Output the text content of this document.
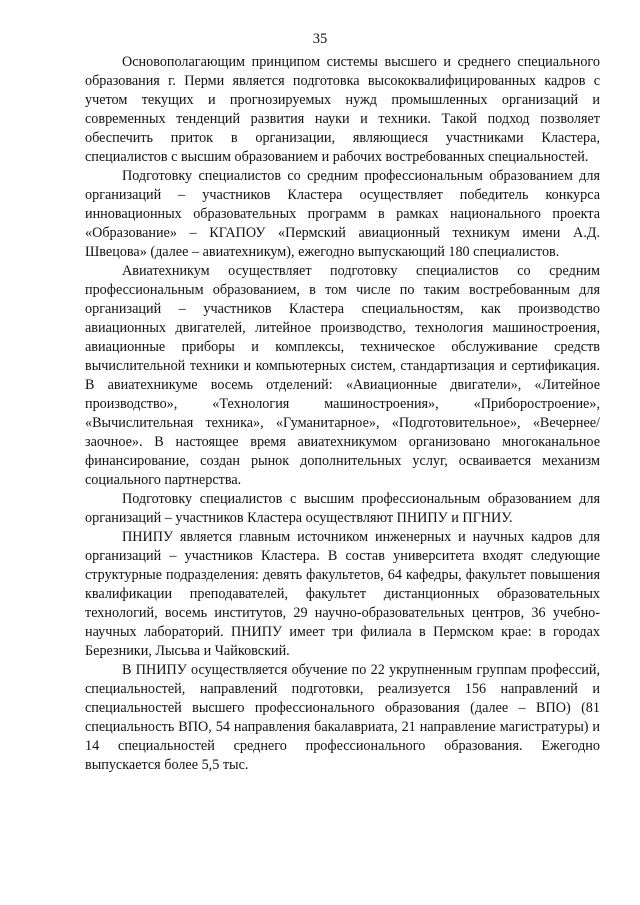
35

Основополагающим принципом системы высшего и среднего специального образования г. Перми является подготовка высококвалифицированных кадров с учетом текущих и прогнозируемых нужд промышленных организаций и современных тенденций развития науки и техники. Такой подход позволяет обеспечить приток в организации, являющиеся участниками Кластера, специалистов с высшим образованием и рабочих востребованных специальностей.

Подготовку специалистов со средним профессиональным образованием для организаций – участников Кластера осуществляет победитель конкурса инновационных образовательных программ в рамках национального проекта «Образование» – КГАПОУ «Пермский авиационный техникум имени А.Д. Швецова» (далее – авиатехникум), ежегодно выпускающий 180 специалистов.

Авиатехникум осуществляет подготовку специалистов со средним профессиональным образованием, в том числе по таким востребованным для организаций – участников Кластера специальностям, как производство авиационных двигателей, литейное производство, технология машиностроения, авиационные приборы и комплексы, техническое обслуживание средств вычислительной техники и компьютерных систем, стандартизация и сертификация. В авиатехникуме восемь отделений: «Авиационные двигатели», «Литейное производство», «Технология машиностроения», «Приборостроение», «Вычислительная техника», «Гуманитарное», «Подготовительное», «Вечернее/заочное». В настоящее время авиатехникумом организовано многоканальное финансирование, создан рынок дополнительных услуг, осваивается механизм социального партнерства.

Подготовку специалистов с высшим профессиональным образованием для организаций – участников Кластера осуществляют ПНИПУ и ПГНИУ.

ПНИПУ является главным источником инженерных и научных кадров для организаций – участников Кластера. В состав университета входят следующие структурные подразделения: девять факультетов, 64 кафедры, факультет повышения квалификации преподавателей, факультет дистанционных образовательных технологий, восемь институтов, 29 научно-образовательных центров, 36 учебно-научных лабораторий. ПНИПУ имеет три филиала в Пермском крае: в городах Березники, Лысьва и Чайковский.

В ПНИПУ осуществляется обучение по 22 укрупненным группам профессий, специальностей, направлений подготовки, реализуется 156 направлений и специальностей высшего профессионального образования (далее – ВПО) (81 специальность ВПО, 54 направления бакалавриата, 21 направление магистратуры) и 14 специальностей среднего профессионального образования. Ежегодно выпускается более 5,5 тыс.
